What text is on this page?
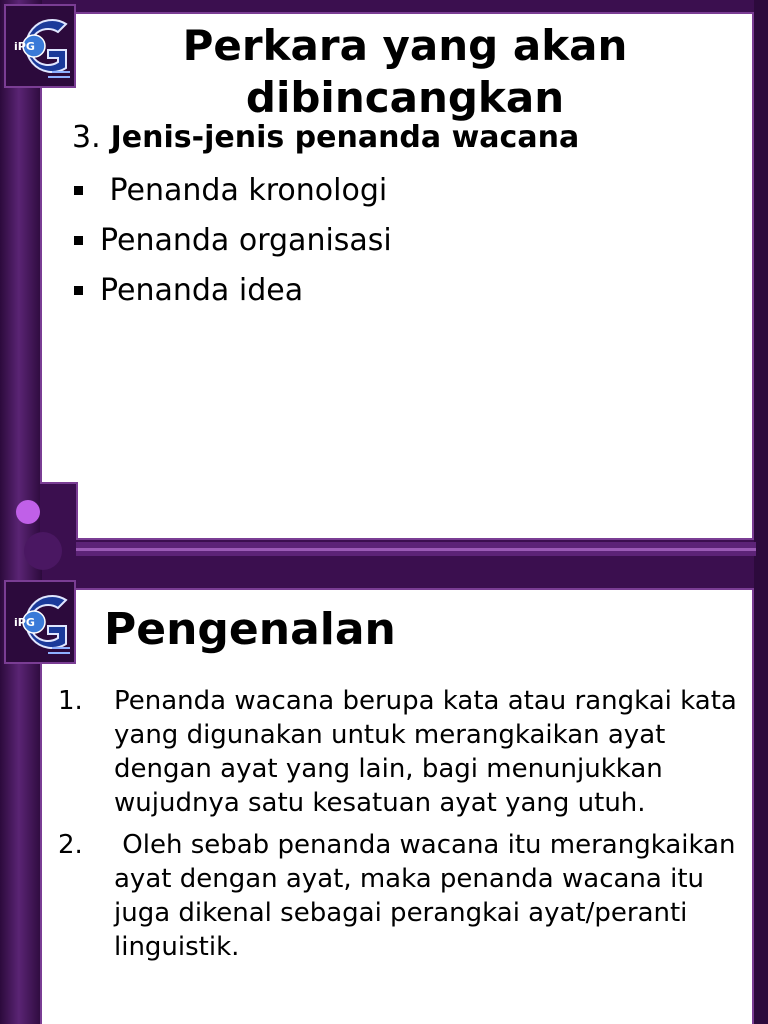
iPG	Perkara yang akan dibincangkan
3. Jenis-jenis penanda wacana
Penanda kronologi
Penanda organisasi
Penanda idea
iPG Pengenalan
1. Penanda wacana berupa kata atau rangkai kata yang digunakan untuk merangkaikan ayat dengan ayat yang lain, bagi menunjukkan wujudnya satu kesatuan ayat yang utuh.
2. Oleh sebab penanda wacana itu merangkaikan ayat dengan ayat, maka penanda wacana itu juga dikenal sebagai perangkai ayat/peranti linguistik.
